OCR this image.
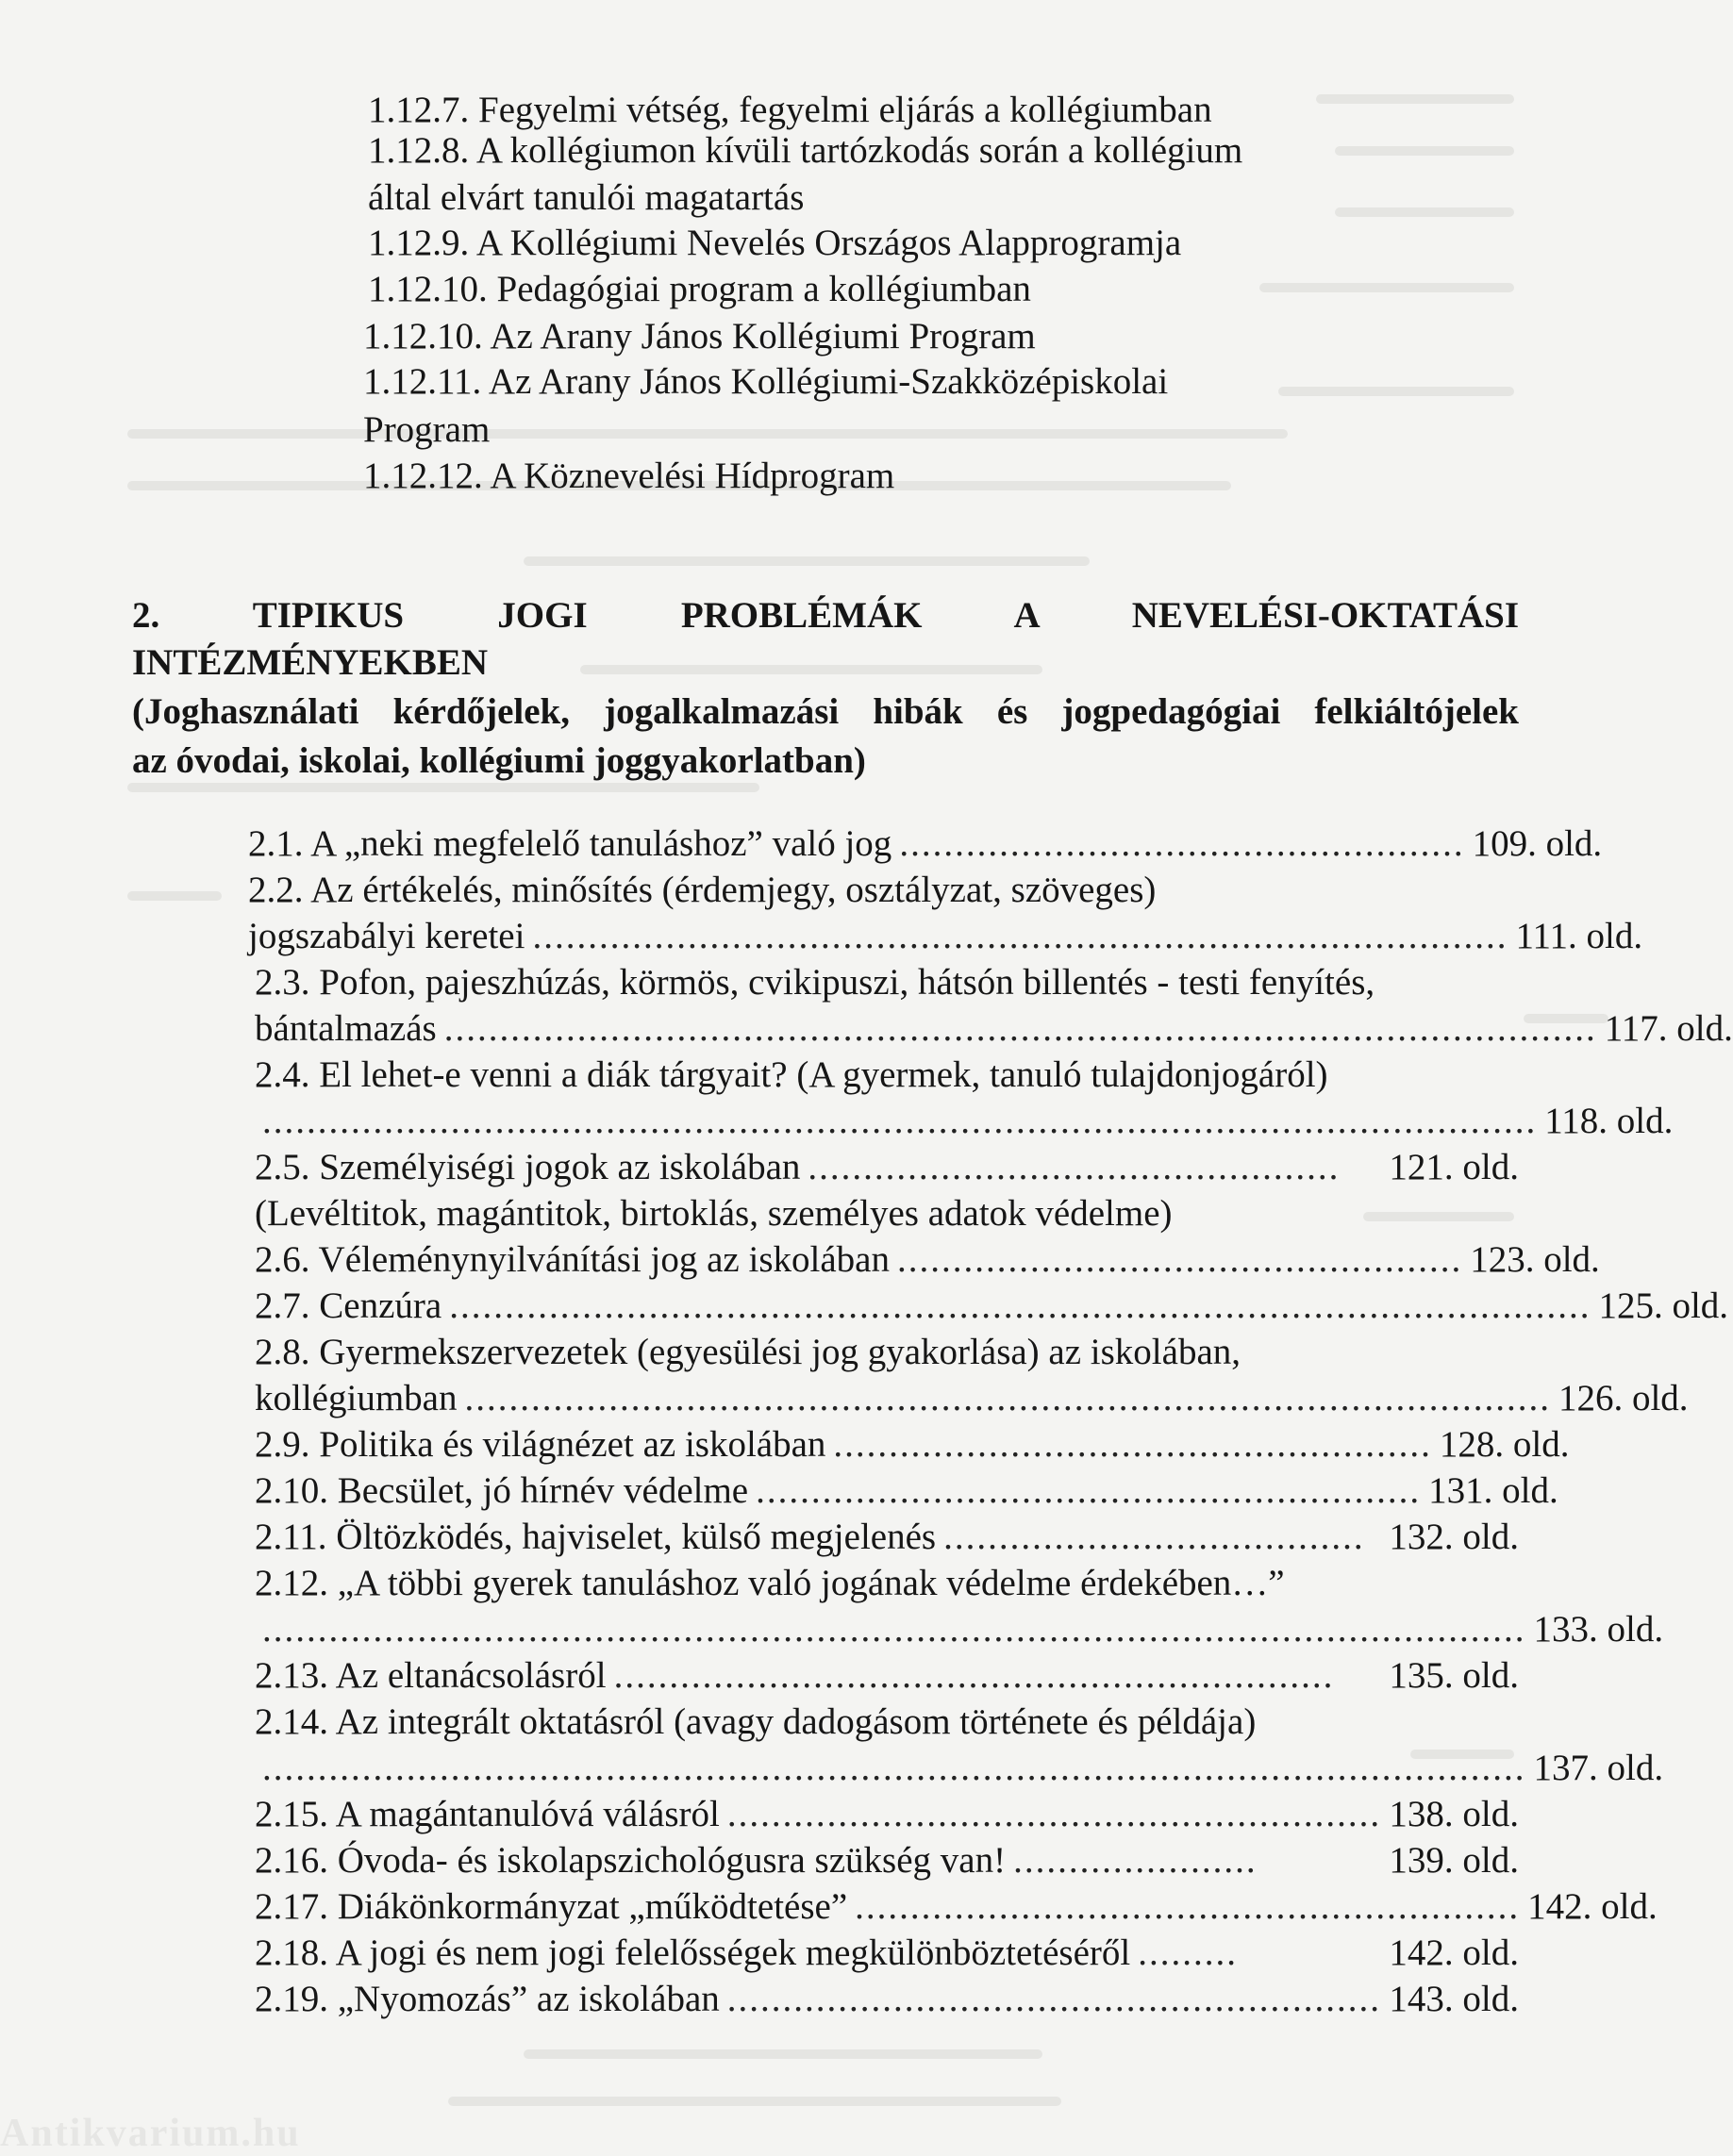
1.12.7. Fegyelmi vétség, fegyelmi eljárás a kollégiumban
1.12.8. A kollégiumon kívüli tartózkodás során a kollégium
által elvárt tanulói magatartás
1.12.9. A Kollégiumi Nevelés Országos Alapprogramja
1.12.10. Pedagógiai program a kollégiumban
1.12.10. Az Arany János Kollégiumi Program
1.12.11. Az Arany János Kollégiumi-Szakközépiskolai
Program
1.12.12. A Köznevelési Hídprogram
2.	TIPIKUS	JOGI	PROBLÉMÁK A	NEVELÉSI-OKTATÁSI
INTÉZMÉNYEKBEN
(Joghasználati kérdőjelek, jogalkalmazási hibák és jogpedagógiai felkiáltójelek
az óvodai, iskolai, kollégiumi joggyakorlatban)
2.1. A „neki megfelelő tanuláshoz” való jog ................................................... 109. old.
2.2. Az értékelés, minősítés (érdemjegy, osztályzat, szöveges)
jogszabályi keretei ........................................................................................ 111. old.
2.3. Pofon, pajeszhúzás, körmös, cvikipuszi, hátsón billentés - testi fenyítés,
bántalmazás ........................................................................................................ 117. old.
2.4. El lehet-e venni a diák tárgyait? (A gyermek, tanuló tulajdonjogáról)
................................................................................................................... 118. old.
2.5. Személyiségi jogok az iskolában ................................................	121. old.
(Levéltitok, magántitok, birtoklás, személyes adatok védelme)
2.6. Véleménynyilvánítási jog az iskolában ................................................... 123. old.
2.7. Cenzúra ....................................................................................................... 125. old.
2.8. Gyermekszervezetek (egyesülési jog gyakorlása) az iskolában,
kollégiumban .................................................................................................. 126. old.
2.9. Politika és világnézet az iskolában ...................................................... 128. old.
2.10. Becsület, jó hírnév védelme ............................................................ 131. old.
2.11. Öltözködés, hajviselet, külső megjelenés ...................................... 132. old.
2.12. „A többi gyerek tanuláshoz való jogának védelme érdekében…”
.................................................................................................................. 133. old.
2.13. Az eltanácsolásról .................................................................	135. old.
2.14. Az integrált oktatásról (avagy dadogásom története és példája)
.................................................................................................................. 137. old.
2.15. A magántanulóvá válásról ........................................................... 138. old.
2.16. Óvoda- és iskolapszichológusra szükség van! ......................	139. old.
2.17. Diákönkormányzat „működtetése” ............................................................ 142. old.
2.18. A jogi és nem jogi felelősségek megkülönböztetéséről .........	142. old.
2.19. „Nyomozás” az iskolában ........................................................... 143. old.
Antikvarium.hu
